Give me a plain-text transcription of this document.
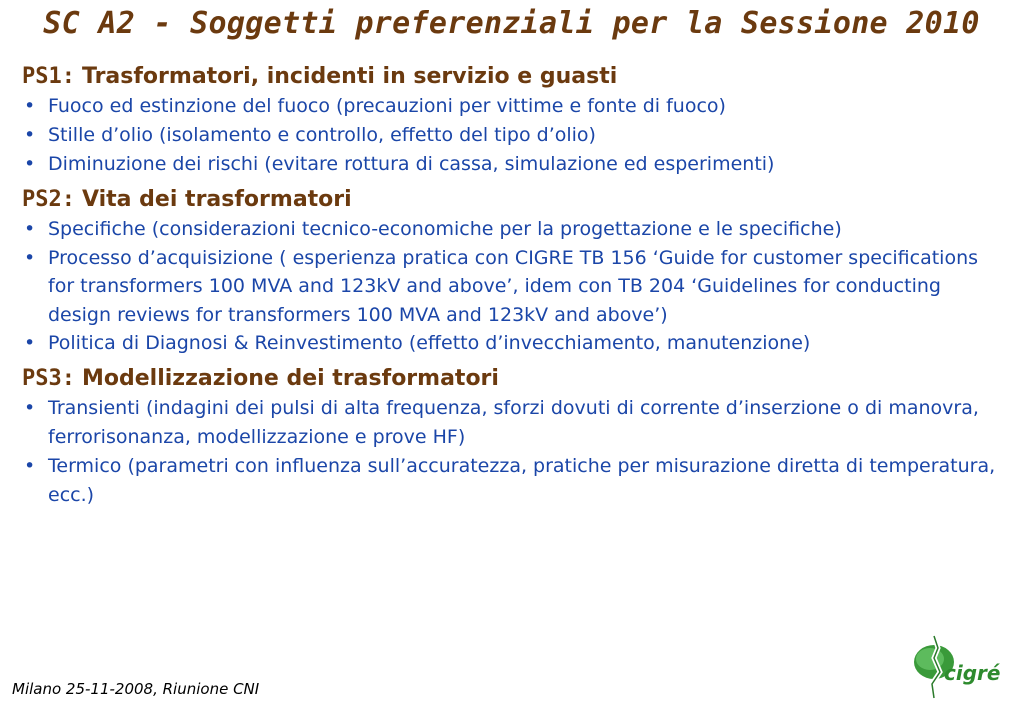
SC A2 - Soggetti preferenziali per la Sessione 2010
PS1: Trasformatori, incidenti in servizio e guasti
• Fuoco ed estinzione del fuoco (precauzioni per vittime e fonte di fuoco)
• Stille d’olio (isolamento e controllo, effetto del tipo d’olio)
• Diminuzione dei rischi (evitare rottura di cassa, simulazione ed esperimenti)
PS2: Vita dei trasformatori
• Specifiche (considerazioni tecnico-economiche per la progettazione e le specifiche)
• Processo d’acquisizione ( esperienza pratica con CIGRE TB 156 ‘Guide for customer specifications for transformers 100 MVA and 123kV and above’, idem con TB 204 ‘Guidelines for conducting design reviews for transformers 100 MVA and 123kV and above’)
• Politica di Diagnosi & Reinvestimento (effetto d’invecchiamento, manutenzione)
PS3: Modellizzazione dei trasformatori
• Transienti (indagini dei pulsi di alta frequenza, sforzi dovuti di corrente d’inserzione o di manovra, ferrorisonanza, modellizzazione e prove HF)
• Termico (parametri con influenza sull’accuratezza, pratiche per misurazione diretta di temperatura, ecc.)
Milano 25-11-2008, Riunione CNI
cigré
